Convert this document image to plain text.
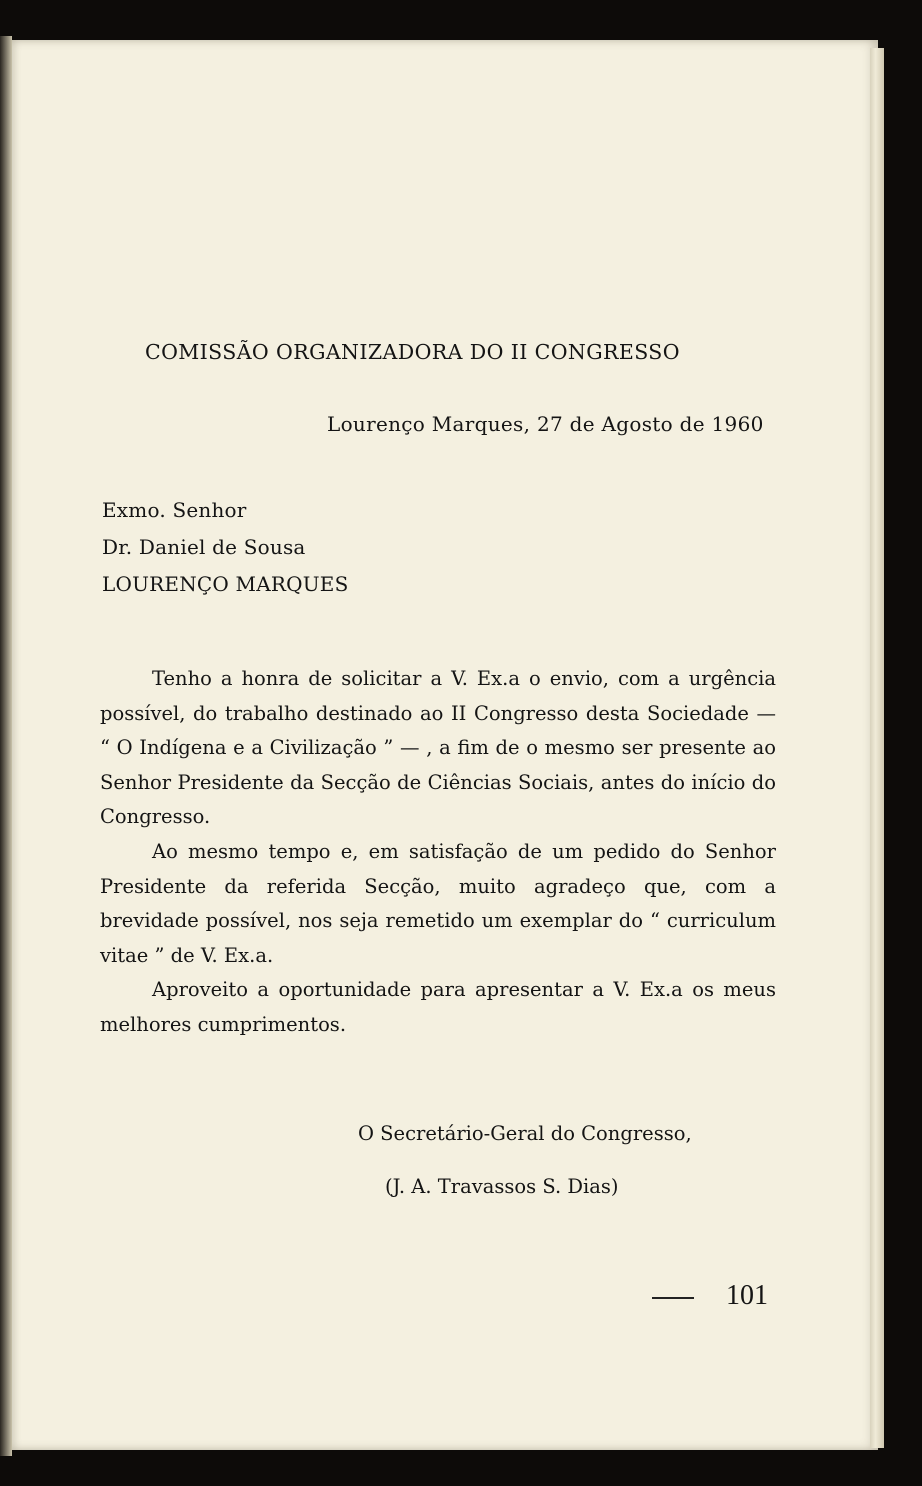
COMISSÃO ORGANIZADORA DO II CONGRESSO

Lourenço Marques, 27 de Agosto de 1960

Exmo. Senhor

Dr. Daniel de Sousa

LOURENÇO MARQUES

Tenho a honra de solicitar a V. Ex.a o envio, com a urgência possível, do trabalho destinado ao II Congresso desta Sociedade — “ O Indígena e a Civilização ” — , a fim de o mesmo ser presente ao Senhor Presidente da Secção de Ciências Sociais, antes do início do Congresso.

Ao mesmo tempo e, em satisfação de um pedido do Senhor Presidente da referida Secção, muito agradeço que, com a brevidade possível, nos seja remetido um exemplar do “ curriculum vitae ” de V. Ex.a.

Aproveito a oportunidade para apresentar a V. Ex.a os meus melhores cumprimentos.

O Secretário-Geral do Congresso,

(J. A. Travassos S. Dias)

101
